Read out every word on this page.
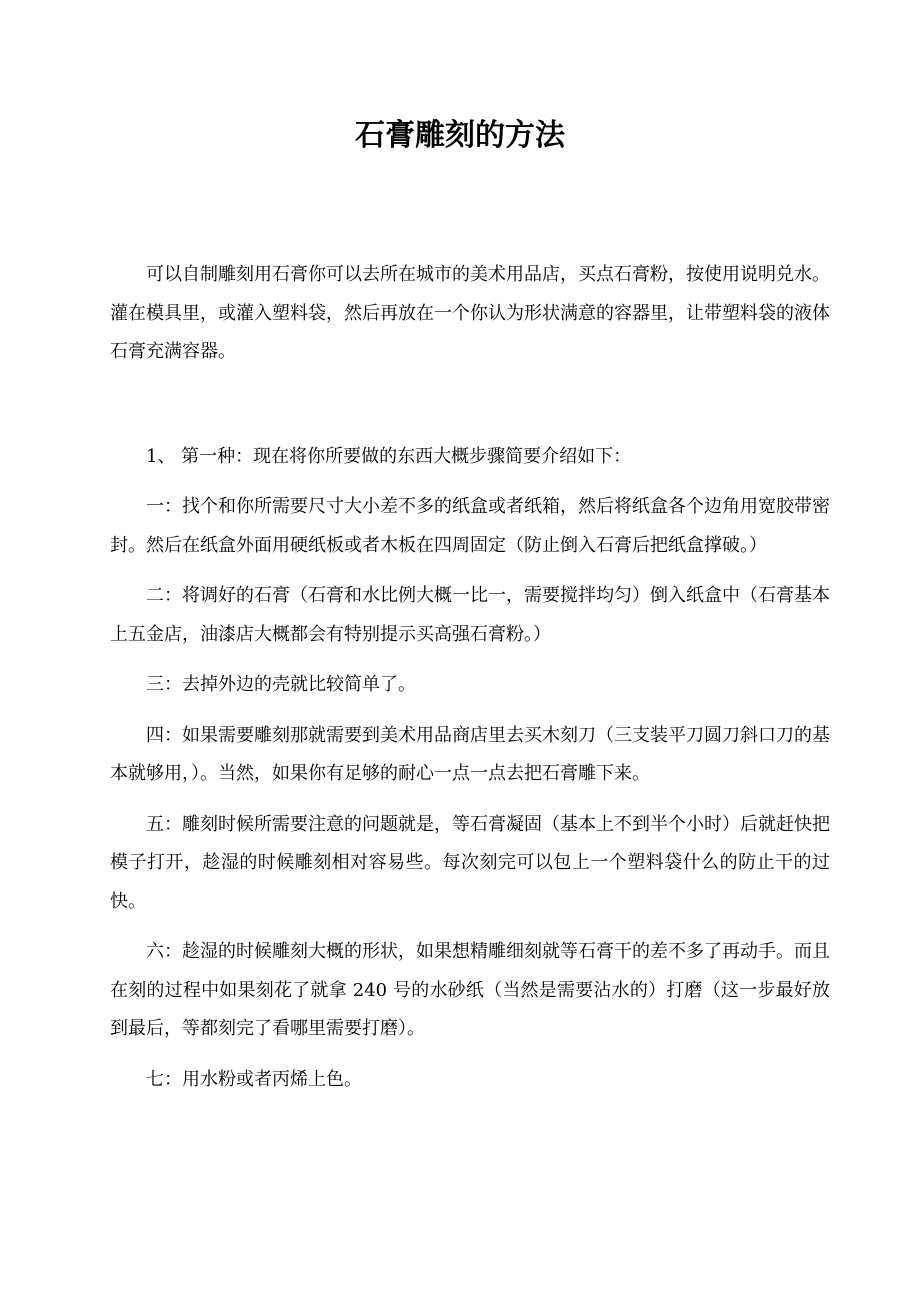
石膏雕刻的方法

可以自制雕刻用石膏你可以去所在城市的美术用品店，买点石膏粉，按使用说明兑水。灌在模具里，或灌入塑料袋，然后再放在一个你认为形状满意的容器里，让带塑料袋的液体石膏充满容器。

1、 第一种：现在将你所要做的东西大概步骤简要介绍如下：

一：找个和你所需要尺寸大小差不多的纸盒或者纸箱，然后将纸盒各个边角用宽胶带密封。然后在纸盒外面用硬纸板或者木板在四周固定（防止倒入石膏后把纸盒撑破。）

二：将调好的石膏（石膏和水比例大概一比一，需要搅拌均匀）倒入纸盒中（石膏基本上五金店，油漆店大概都会有特别提示买高强石膏粉。）

三：去掉外边的壳就比较简单了。

四：如果需要雕刻那就需要到美术用品商店里去买木刻刀（三支装平刀圆刀斜口刀的基本就够用，）。当然，如果你有足够的耐心一点一点去把石膏雕下来。

五：雕刻时候所需要注意的问题就是，等石膏凝固（基本上不到半个小时）后就赶快把模子打开，趁湿的时候雕刻相对容易些。每次刻完可以包上一个塑料袋什么的防止干的过快。

六：趁湿的时候雕刻大概的形状，如果想精雕细刻就等石膏干的差不多了再动手。而且在刻的过程中如果刻花了就拿 240 号的水砂纸（当然是需要沾水的）打磨（这一步最好放到最后，等都刻完了看哪里需要打磨）。

七：用水粉或者丙烯上色。
